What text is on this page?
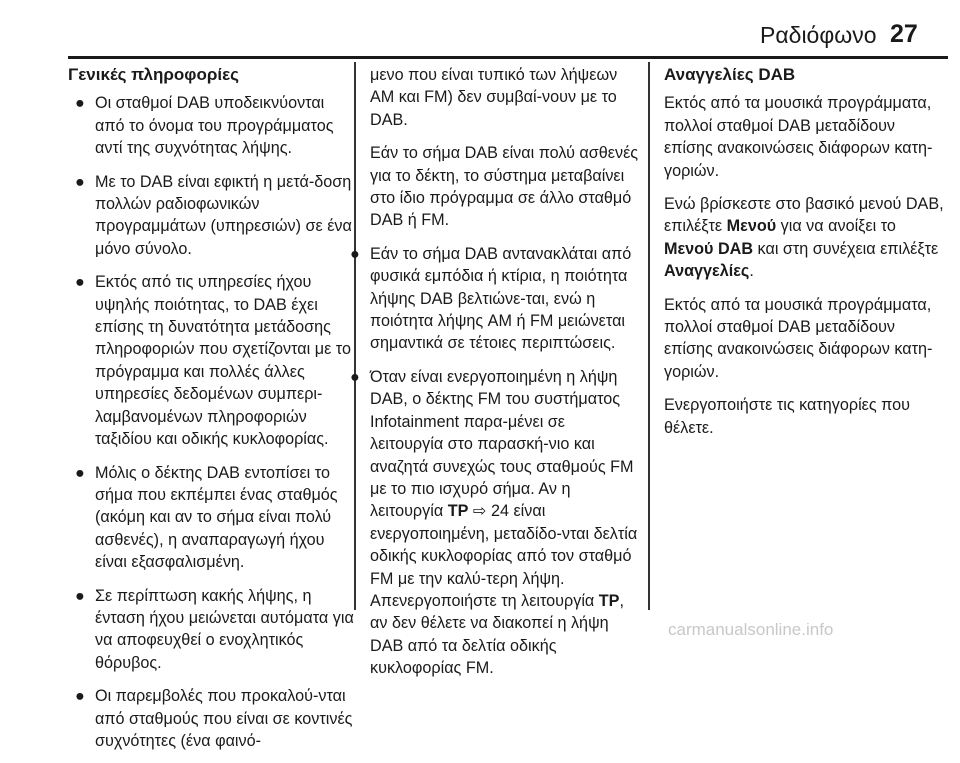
Ραδιόφωνο 27
Γενικές πληροφορίες
● Οι σταθμοί DAB υποδεικνύονται από το όνομα του προγράμματος αντί της συχνότητας λήψης.
● Με το DAB είναι εφικτή η μετά-δοση πολλών ραδιοφωνικών προγραμμάτων (υπηρεσιών) σε ένα μόνο σύνολο.
● Εκτός από τις υπηρεσίες ήχου υψηλής ποιότητας, το DAB έχει επίσης τη δυνατότητα μετάδοσης πληροφοριών που σχετίζονται με το πρόγραμμα και πολλές άλλες υπηρεσίες δεδομένων συμπερι-λαμβανομένων πληροφοριών ταξιδίου και οδικής κυκλοφορίας.
● Μόλις ο δέκτης DAB εντοπίσει το σήμα που εκπέμπει ένας σταθμός (ακόμη και αν το σήμα είναι πολύ ασθενές), η αναπαραγωγή ήχου είναι εξασφαλισμένη.
● Σε περίπτωση κακής λήψης, η ένταση ήχου μειώνεται αυτόματα για να αποφευχθεί ο ενοχλητικός θόρυβος.
● Οι παρεμβολές που προκαλού-νται από σταθμούς που είναι σε κοντινές συχνότητες (ένα φαινό-
μενο που είναι τυπικό των λήψεων AM και FM) δεν συμβαί-νουν με το DAB.
Εάν το σήμα DAB είναι πολύ ασθενές για το δέκτη, το σύστημα μεταβαίνει στο ίδιο πρόγραμμα σε άλλο σταθμό DAB ή FM.
● Εάν το σήμα DAB αντανακλάται από φυσικά εμπόδια ή κτίρια, η ποιότητα λήψης DAB βελτιώνε-ται, ενώ η ποιότητα λήψης AM ή FM μειώνεται σημαντικά σε τέτοιες περιπτώσεις.
● Όταν είναι ενεργοποιημένη η λήψη DAB, ο δέκτης FM του συστήματος Infotainment παρα-μένει σε λειτουργία στο παρασκή-νιο και αναζητά συνεχώς τους σταθμούς FM με το πιο ισχυρό σήμα. Αν η λειτουργία TP ⇨ 24 είναι ενεργοποιημένη, μεταδίδο-νται δελτία οδικής κυκλοφορίας από τον σταθμό FM με την καλύ-τερη λήψη. Απενεργοποιήστε τη λειτουργία TP, αν δεν θέλετε να διακοπεί η λήψη DAB από τα δελτία οδικής κυκλοφορίας FM.
Αναγγελίες DAB
Εκτός από τα μουσικά προγράμματα, πολλοί σταθμοί DAB μεταδίδουν επίσης ανακοινώσεις διάφορων κατη-γοριών.
Ενώ βρίσκεστε στο βασικό μενού DAB, επιλέξτε Μενού για να ανοίξει το Μενού DAB και στη συνέχεια επιλέξτε Αναγγελίες.
Εκτός από τα μουσικά προγράμματα, πολλοί σταθμοί DAB μεταδίδουν επίσης ανακοινώσεις διάφορων κατη-γοριών.
Ενεργοποιήστε τις κατηγορίες που θέλετε.
carmanualsonline.info
